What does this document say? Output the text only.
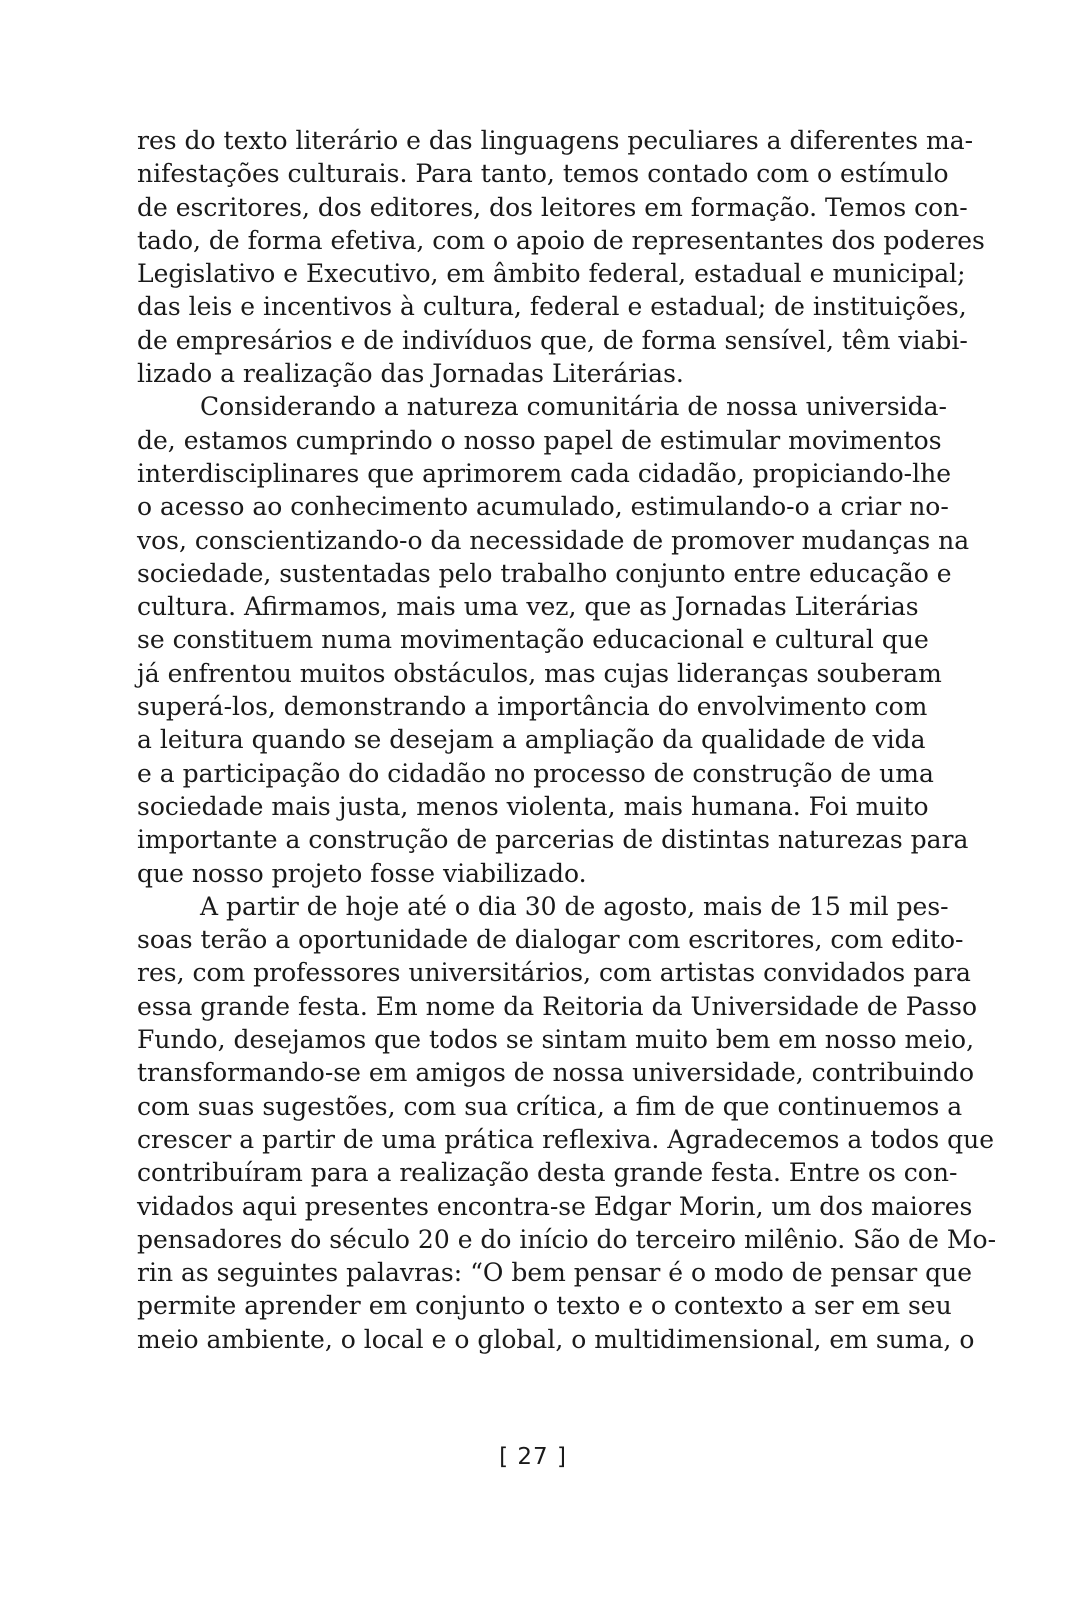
res do texto literário e das linguagens peculiares a diferentes ma-
nifestações culturais. Para tanto, temos contado com o estímulo
de escritores, dos editores, dos leitores em formação. Temos con-
tado, de forma efetiva, com o apoio de representantes dos poderes
Legislativo e Executivo, em âmbito federal, estadual e municipal;
das leis e incentivos à cultura, federal e estadual; de instituições,
de empresários e de indivíduos que, de forma sensível, têm viabi-
lizado a realização das Jornadas Literárias.
Considerando a natureza comunitária de nossa universida-
de, estamos cumprindo o nosso papel de estimular movimentos
interdisciplinares que aprimorem cada cidadão, propiciando-lhe
o acesso ao conhecimento acumulado, estimulando-o a criar no-
vos, conscientizando-o da necessidade de promover mudanças na
sociedade, sustentadas pelo trabalho conjunto entre educação e
cultura. Afirmamos, mais uma vez, que as Jornadas Literárias
se constituem numa movimentação educacional e cultural que
já enfrentou muitos obstáculos, mas cujas lideranças souberam
superá-los, demonstrando a importância do envolvimento com
a leitura quando se desejam a ampliação da qualidade de vida
e a participação do cidadão no processo de construção de uma
sociedade mais justa, menos violenta, mais humana. Foi muito
importante a construção de parcerias de distintas naturezas para
que nosso projeto fosse viabilizado.
A partir de hoje até o dia 30 de agosto, mais de 15 mil pes-
soas terão a oportunidade de dialogar com escritores, com edito-
res, com professores universitários, com artistas convidados para
essa grande festa. Em nome da Reitoria da Universidade de Passo
Fundo, desejamos que todos se sintam muito bem em nosso meio,
transformando-se em amigos de nossa universidade, contribuindo
com suas sugestões, com sua crítica, a fim de que continuemos a
crescer a partir de uma prática reflexiva. Agradecemos a todos que
contribuíram para a realização desta grande festa. Entre os con-
vidados aqui presentes encontra-se Edgar Morin, um dos maiores
pensadores do século 20 e do início do terceiro milênio. São de Mo-
rin as seguintes palavras: “O bem pensar é o modo de pensar que
permite aprender em conjunto o texto e o contexto a ser em seu
meio ambiente, o local e o global, o multidimensional, em suma, o
[ 27 ]
